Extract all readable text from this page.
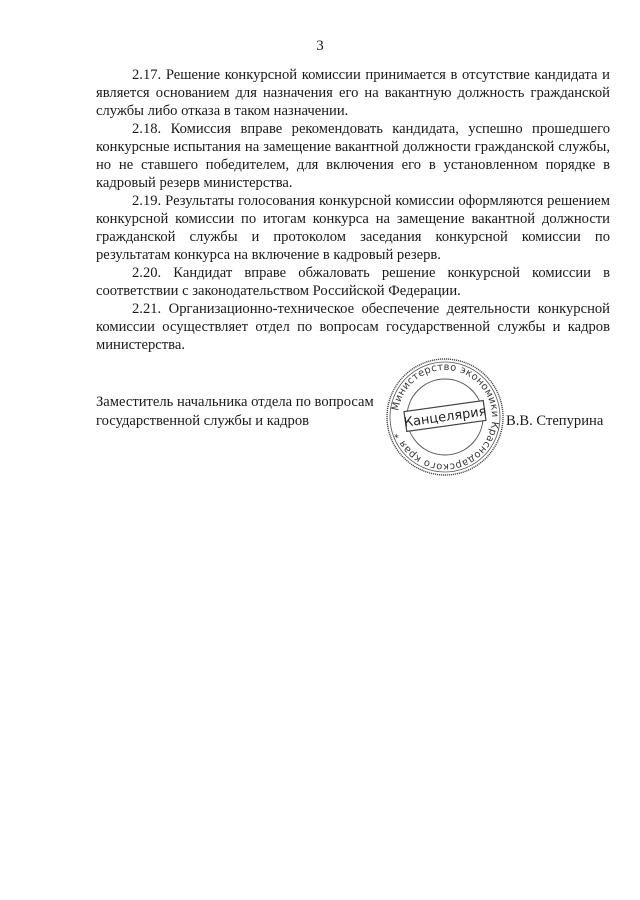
3

2.17. Решение конкурсной комиссии принимается в отсутствие кандидата и является основанием для назначения его на вакантную должность гражданской службы либо отказа в таком назначении.

2.18. Комиссия вправе рекомендовать кандидата, успешно прошедшего конкурсные испытания на замещение вакантной должности гражданской службы, но не ставшего победителем, для включения его в установленном порядке в кадровый резерв министерства.

2.19. Результаты голосования конкурсной комиссии оформляются решением конкурсной комиссии по итогам конкурса на замещение вакантной должности гражданской службы и протоколом заседания конкурсной комиссии по результатам конкурса на включение в кадровый резерв.

2.20. Кандидат вправе обжаловать решение конкурсной комиссии в соответствии с законодательством Российской Федерации.

2.21. Организационно-техническое обеспечение деятельности конкурсной комиссии осуществляет отдел по вопросам государственной службы и кадров министерства.

Заместитель начальника отдела по вопросам
государственной службы и кадров
Министерство экономики Краснодарского края *
Канцелярия В.В. Степурина
